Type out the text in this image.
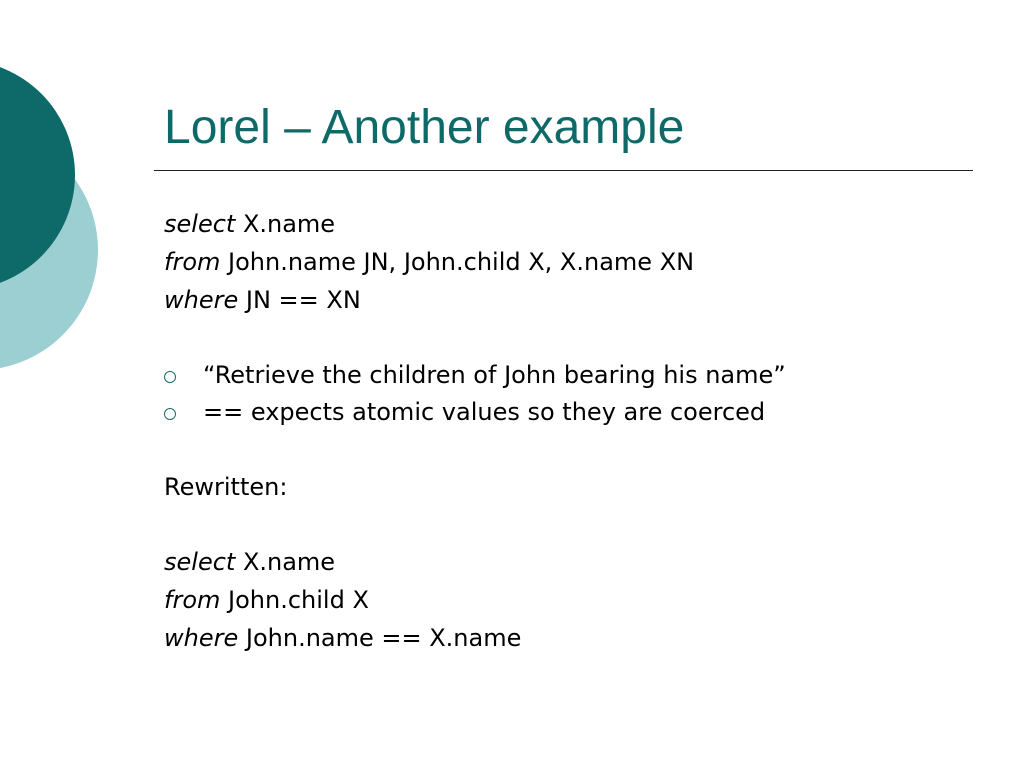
Lorel – Another example
select X.name
from John.name JN, John.child X, X.name XN
where JN == XN
“Retrieve the children of John bearing his name”
== expects atomic values so they are coerced
Rewritten:
select X.name
from John.child X
where John.name == X.name
